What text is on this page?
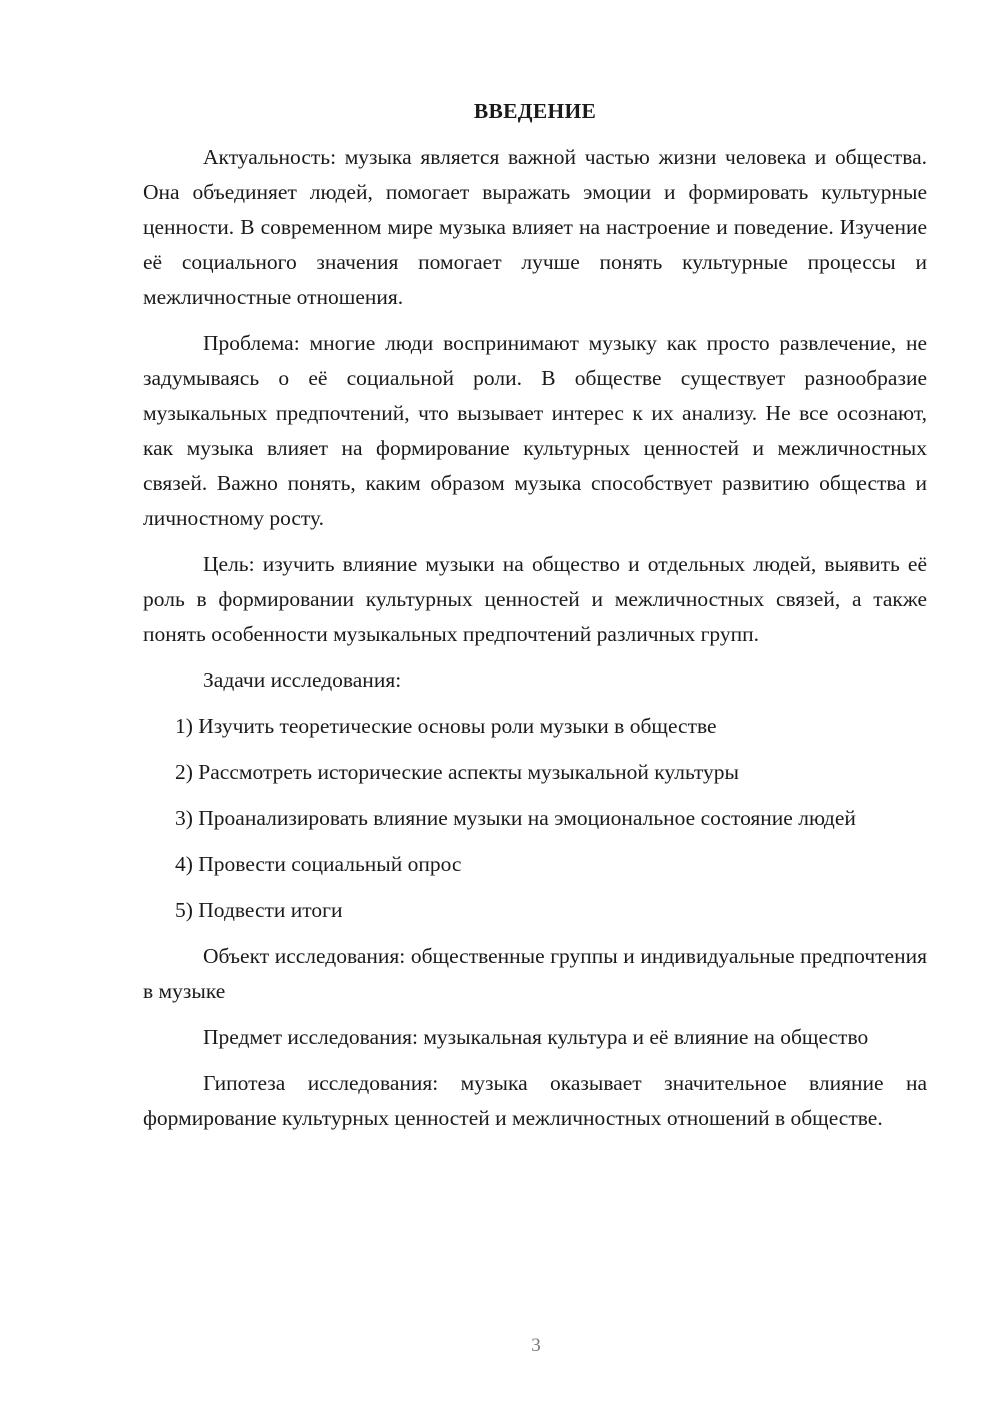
ВВЕДЕНИЕ

Актуальность: музыка является важной частью жизни человека и общества. Она объединяет людей, помогает выражать эмоции и формировать культурные ценности. В современном мире музыка влияет на настроение и поведение. Изучение её социального значения помогает лучше понять культурные процессы и межличностные отношения.

Проблема: многие люди воспринимают музыку как просто развлечение, не задумываясь о её социальной роли. В обществе существует разнообразие музыкальных предпочтений, что вызывает интерес к их анализу. Не все осознают, как музыка влияет на формирование культурных ценностей и межличностных связей. Важно понять, каким образом музыка способствует развитию общества и личностному росту.

Цель: изучить влияние музыки на общество и отдельных людей, выявить её роль в формировании культурных ценностей и межличностных связей, а также понять особенности музыкальных предпочтений различных групп.

Задачи исследования:

1) Изучить теоретические основы роли музыки в обществе

2) Рассмотреть исторические аспекты музыкальной культуры

3) Проанализировать влияние музыки на эмоциональное состояние людей

4) Провести социальный опрос

5) Подвести итоги

Объект исследования: общественные группы и индивидуальные предпочтения в музыке

Предмет исследования: музыкальная культура и её влияние на общество

Гипотеза исследования: музыка оказывает значительное влияние на формирование культурных ценностей и межличностных отношений в обществе.

3
